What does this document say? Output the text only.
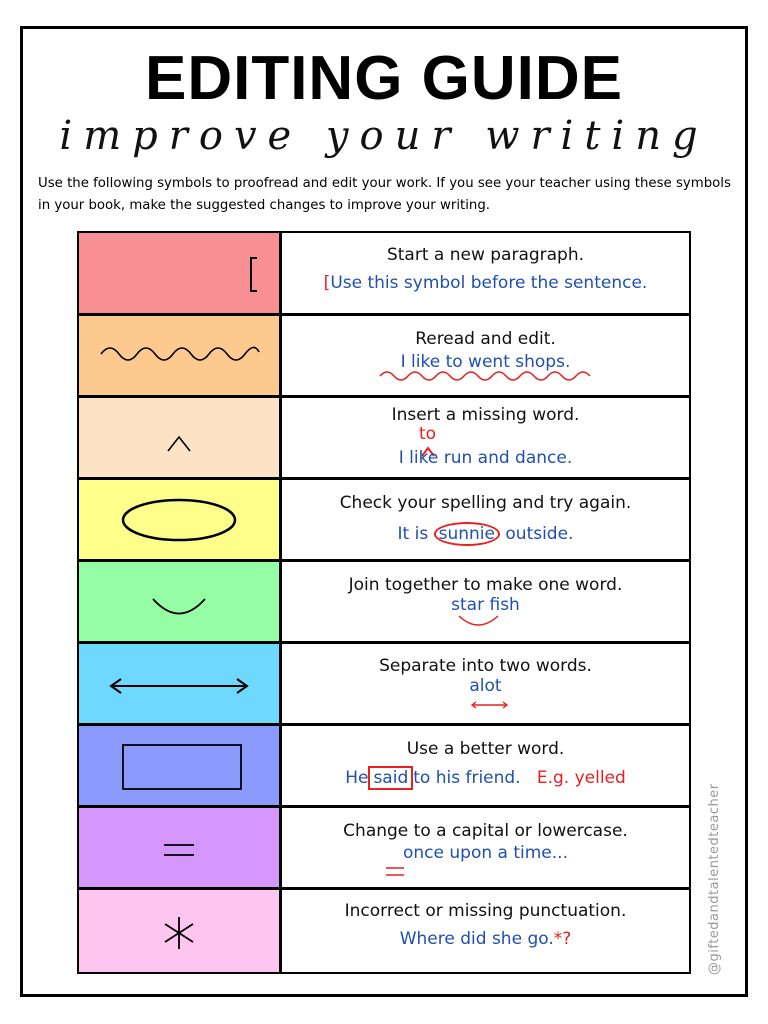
EDITING GUIDE
improve your writing
Use the following symbols to proofread and edit your work. If you see your teacher using these symbols in your book, make the suggested changes to improve your writing.
Start a new paragraph.
[Use this symbol before the sentence.
Reread and edit.
I like to went shops.
Insert a missing word.
to
I like run and dance.
Check your spelling and try again.
It is sunnie outside.
Join together to make one word.
star fish
Separate into two words.
alot
Use a better word.
He said to his friend. E.g. yelled
Change to a capital or lowercase.
once upon a time...
Incorrect or missing punctuation.
Where did she go.*?	@giftedandtalentedteacher
